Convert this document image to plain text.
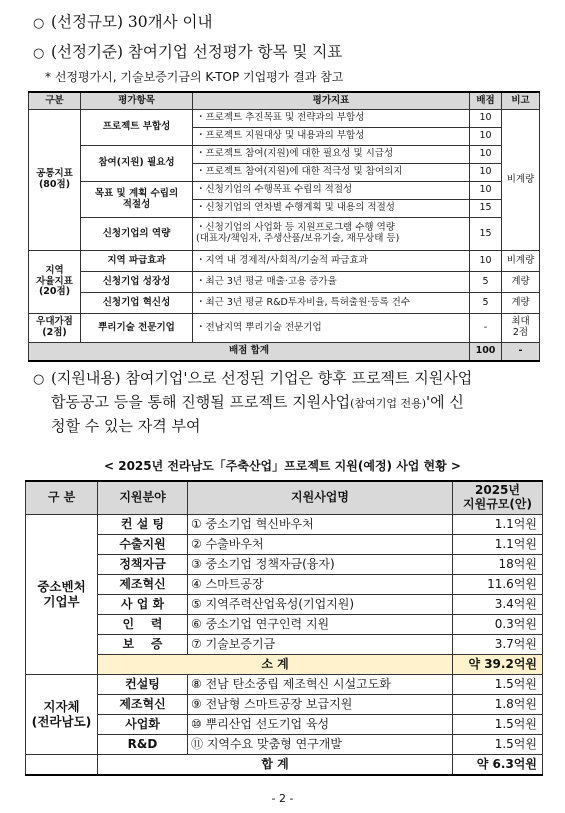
○ (선정규모) 30개사 이내
○ (선정기준) 참여기업 선정평가 항목 및 지표
* 선정평가시, 기술보증기금의 K-TOP 기업평가 결과 참고
구분	평가항목	평가지표	배점	비고
공통지표
(80점)	프로젝트 부합성	・프로젝트 추진목표 및 전략과의 부합성	10	비계량
		・프로젝트 지원대상 및 내용과의 부합성	10	
	참여(지원) 필요성	・프로젝트 참여(지원)에 대한 필요성 및 시급성	10	
		・프로젝트 참여(지원)에 대한 적극성 및 참여의지	10	
	목표 및 계획 수립의
적절성	・신청기업의 수행목표 수립의 적절성	10	
		・신청기업의 연차별 수행계획 및 내용의 적절성	15	
	신청기업의 역량	・신청기업의 사업화 등 지원프로그램 수행 역량
(대표자/책임자, 주생산품/보유기술, 재무상태 등)	15	
지역
자율지표
(20점)	지역 파급효과	・지역 내 경제적/사회적/기술적 파급효과	10	비계량
	신청기업 성장성	・최근 3년 평균 매출·고용 증가율	5	계량
	신청기업 혁신성	・최근 3년 평균 R&D투자비율, 특허출원·등록 건수	5	계량
우대가점
(2점)	뿌리기술 전문기업	・전남지역 뿌리기술 전문기업	-	최대
2점
배점 합계			100	-
○ (지원내용) 참여기업'으로 선정된 기업은 향후 프로젝트 지원사업
합동공고 등을 통해 진행될 프로젝트 지원사업(참여기업 전용)'에 신
청할 수 있는 자격 부여
< 2025년 전라남도「주축산업」프로젝트 지원(예정) 사업 현황 >
구 분	지원분야	지원사업명	2025년
지원규모(안)
중소벤처
기업부	컨 설 팅	① 중소기업 혁신바우처	1.1억원
	수출지원	② 수출바우처	1.1억원
	정책자금	③ 중소기업 정책자금(융자)	18억원
	제조혁신	④ 스마트공장	11.6억원
	사 업 화	⑤ 지역주력산업육성(기업지원)	3.4억원
	인    력	⑥ 중소기업 연구인력 지원	0.3억원
	보    증	⑦ 기술보증기금	3.7억원
	소 계		약 39.2억원
지자체
(전라남도)	컨설팅	⑧ 전남 탄소중립 제조혁신 시설고도화	1.5억원
	제조혁신	⑨ 전남형 스마트공장 보급지원	1.8억원
	사업화	⑩ 뿌리산업 선도기업 육성	1.5억원
	R&D	⑪ 지역수요 맞춤형 연구개발	1.5억원
	합 계		약 6.3억원
- 2 -
